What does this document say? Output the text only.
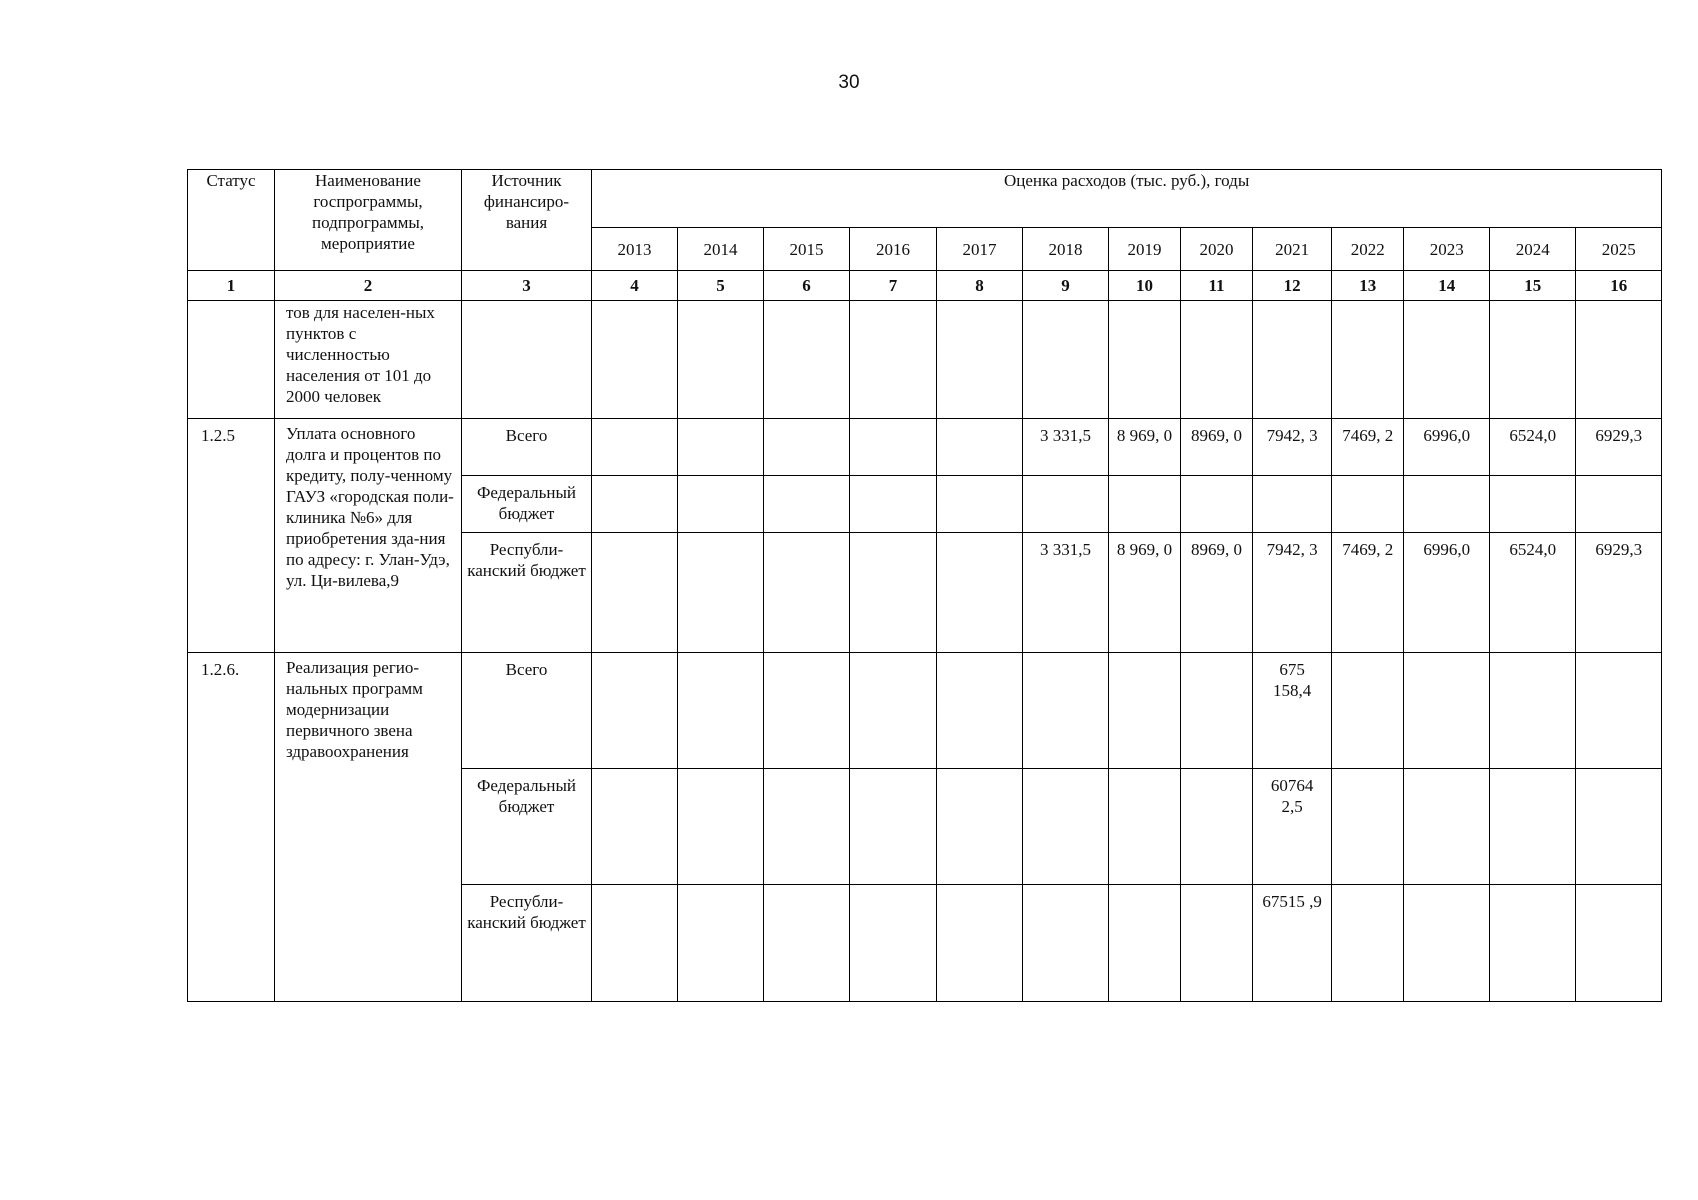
30
Статус	Наименование госпрограммы, подпрограммы, мероприятие	Источник финансиро-вания	Оценка расходов (тыс. руб.), годы												
			2013	2014	2015	2016	2017	2018	2019	2020	2021	2022	2023	2024	2025
1	2	3	4	5	6	7	8	9	10	11	12	13	14	15	16
	тов для населен-ных пунктов с численностью населения от 101 до 2000 человек														
1.2.5	Уплата основного долга и процентов по кредиту, полу-ченному ГАУЗ «городская поли-клиника №6» для приобретения зда-ния по адресу: г. Улан-Удэ, ул. Ци-вилева,9	Всего						3 331,5	8 969, 0	8969, 0	7942, 3	7469, 2	6996,0	6524,0	6929,3
		Федеральный бюджет													
		Республи-канский бюджет						3 331,5	8 969, 0	8969, 0	7942, 3	7469, 2	6996,0	6524,0	6929,3
1.2.6.	Реализация регио-нальных программ модернизации первичного звена здравоохранения	Всего									675 158,4				
		Федеральный бюджет									60764 2,5				
		Республи-канский бюджет									67515 ,9				
